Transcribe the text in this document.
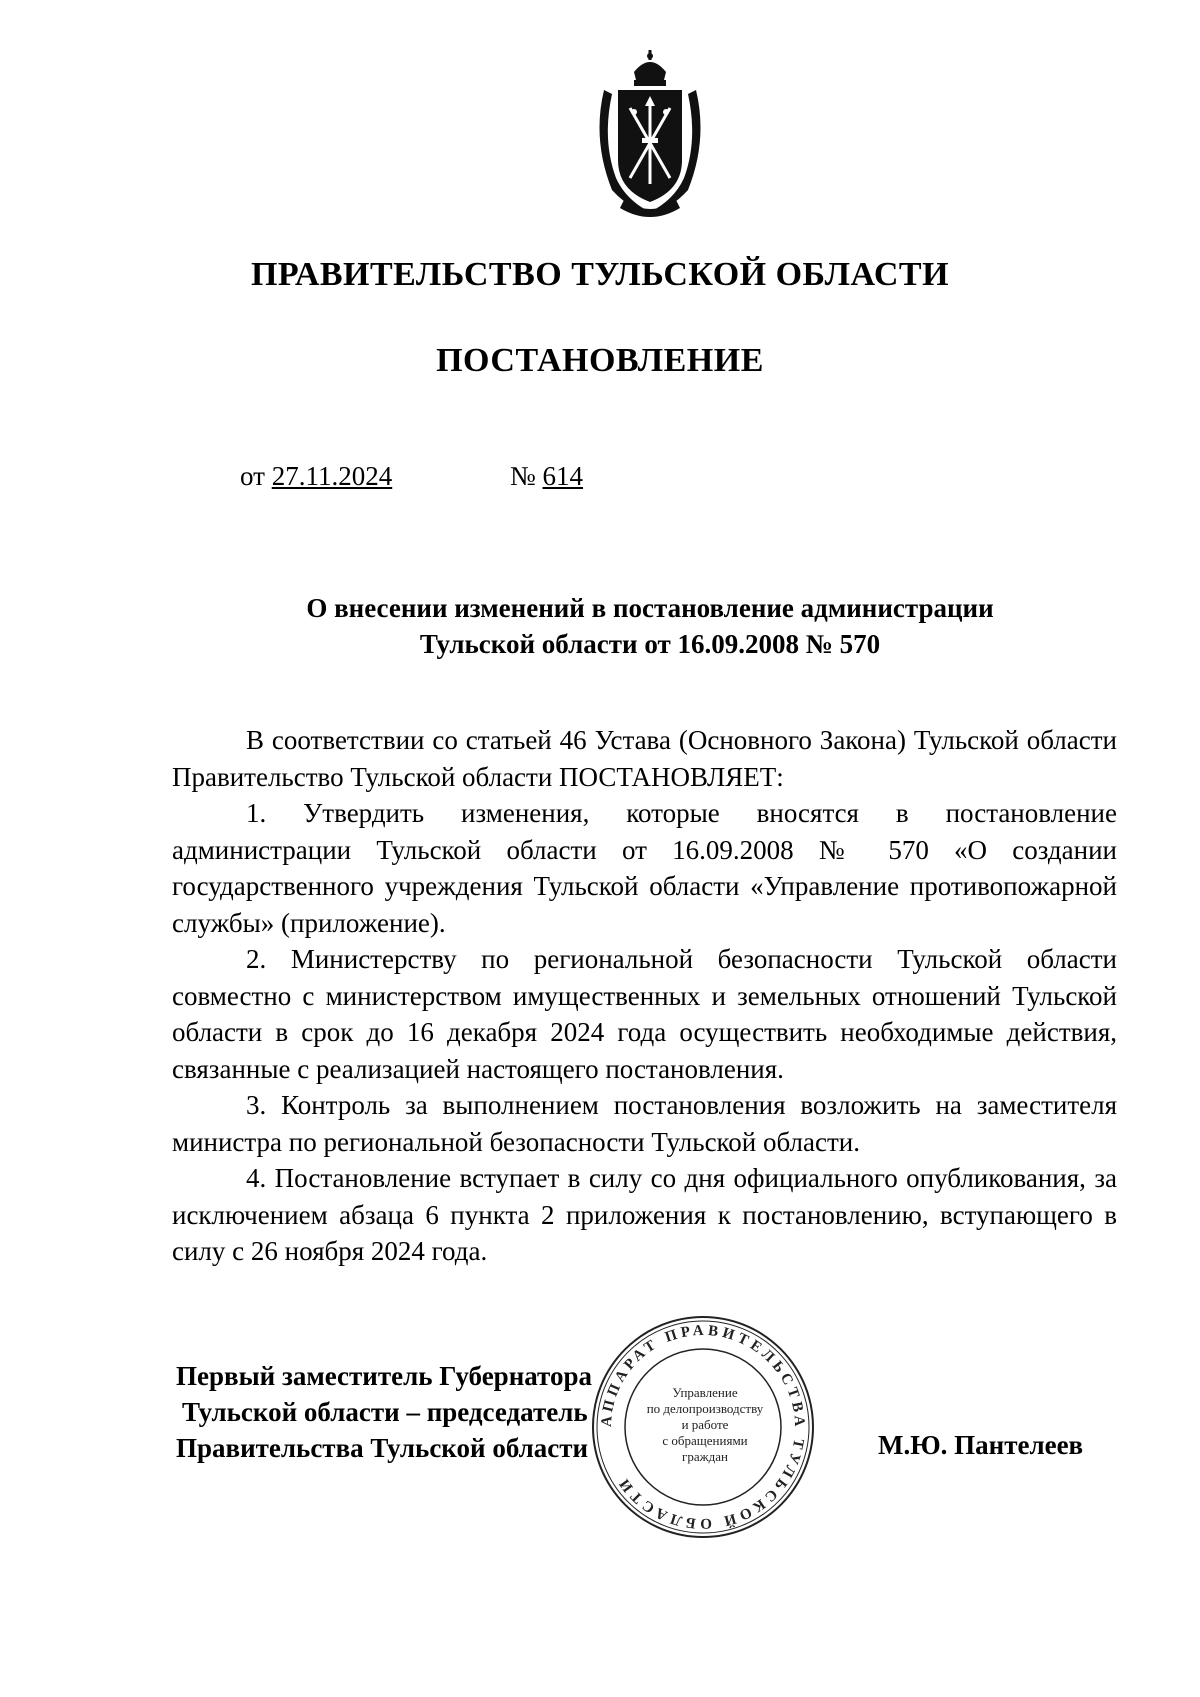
ПРАВИТЕЛЬСТВО ТУЛЬСКОЙ ОБЛАСТИ
ПОСТАНОВЛЕНИЕ
от 27.11.2024	№ 614
О внесении изменений в постановление администрации
Тульской области от 16.09.2008 № 570

В соответствии со статьей 46 Устава (Основного Закона) Тульской области Правительство Тульской области ПОСТАНОВЛЯЕТ:

1. Утвердить изменения, которые вносятся в постановление администрации Тульской области от 16.09.2008 № 570 «О создании государственного учреждения Тульской области «Управление противопожарной службы» (приложение).

2. Министерству по региональной безопасности Тульской области совместно с министерством имущественных и земельных отношений Тульской области в срок до 16 декабря 2024 года осуществить необходимые действия, связанные с реализацией настоящего постановления.

3. Контроль за выполнением постановления возложить на заместителя министра по региональной безопасности Тульской области.

4. Постановление вступает в силу со дня официального опубликования, за исключением абзаца 6 пункта 2 приложения к постановлению, вступающего в силу с 26 ноября 2024 года.

Первый заместитель Губернатора
Тульской области – председатель
Правительства Тульской области
АППАРАТ ПРАВИТЕЛЬСТВА ТУЛЬСКОЙ ОБЛАСТИ
Управление
по делопроизводству
и работе
с обращениями
граждан	М.Ю. Пантелеев
